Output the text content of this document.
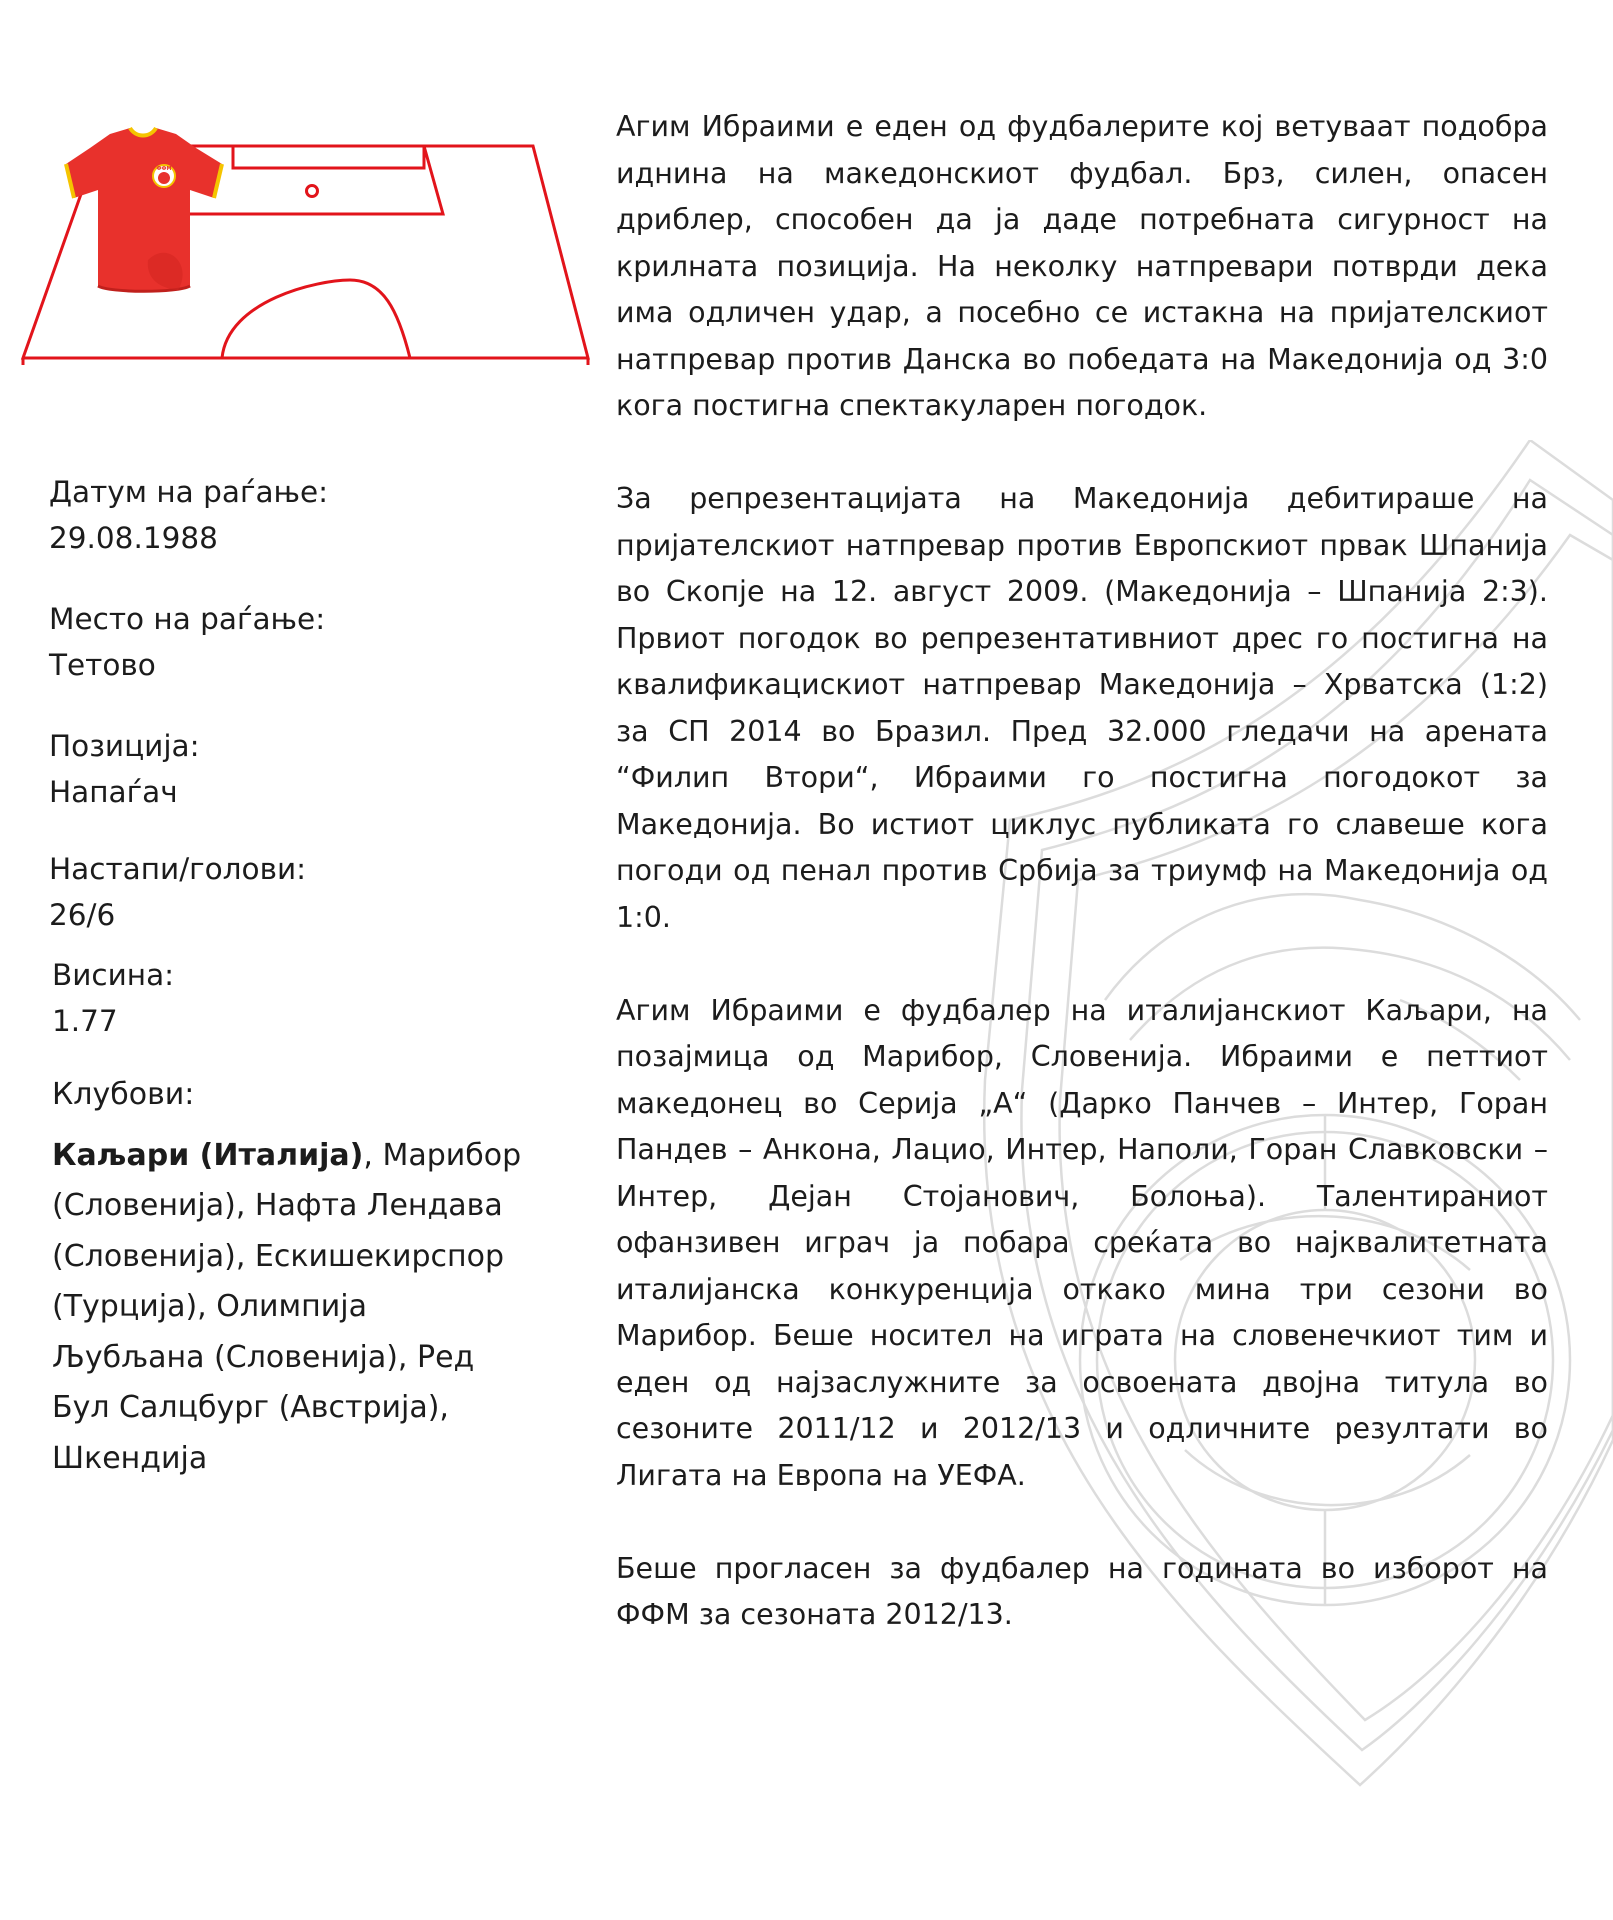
ФФМ

Агим Ибраими е еден од фудбалерите кој ветуваат подобра иднина на македонскиот фудбал. Брз, силен, опасен дриблер, способен да ја даде потребната сигурност на крилната позиција. На неколку натпревари потврди дека има одличен удар, а посебно се истакна на пријателскиот натпревар против Данска во победата на Македонија од 3:0 кога постигна спектакуларен погодок.

За репрезентацијата на Македонија дебитираше на пријателскиот натпревар против Европскиот првак Шпанија во Скопје на 12. август 2009. (Македонија – Шпанија 2:3). Првиот погодок во репрезентативниот дрес го постигна на квалификацискиот натпревар Македонија – Хрватска (1:2) за СП 2014 во Бразил. Пред 32.000 гледачи на арената “Филип Втори“, Ибраими го постигна погодокот за Македонија. Во истиот циклус публиката го славеше кога погоди од пенал против Србија за триумф на Македонија од 1:0.

Агим Ибраими е фудбалер на италијанскиот Каљари, на позајмица од Марибор, Словенија. Ибраими е петтиот македонец во Серија „А“ (Дарко Панчев – Интер, Горан Пандев – Анкона, Лацио, Интер, Наполи, Горан Славковски – Интер, Дејан Стојанович, Болоња). Талентираниот офанзивен играч ја побара среќата во најквалитетната италијанска конкуренција откако мина три сезони во Марибор. Беше носител на играта на словенечкиот тим и еден од најзаслужните за освоената двојна титула во сезоните 2011/12 и 2012/13 и одличните резултати во Лигата на Европа на УЕФА.

Беше прогласен за фудбалер на годината во изборот на ФФМ за сезоната 2012/13.

Датум на раѓање:
29.08.1988
Место на раѓање:
Тетово
Позиција:
Напаѓач
Настапи/голови:
26/6
Висина:
1.77
Клубови:
Каљари (Италија), Марибор (Словенија), Нафта Лендава (Словенија), Ескишекирспор (Турција), Олимпија Љубљана (Словенија), Ред Бул Салцбург (Австрија), Шкендија
